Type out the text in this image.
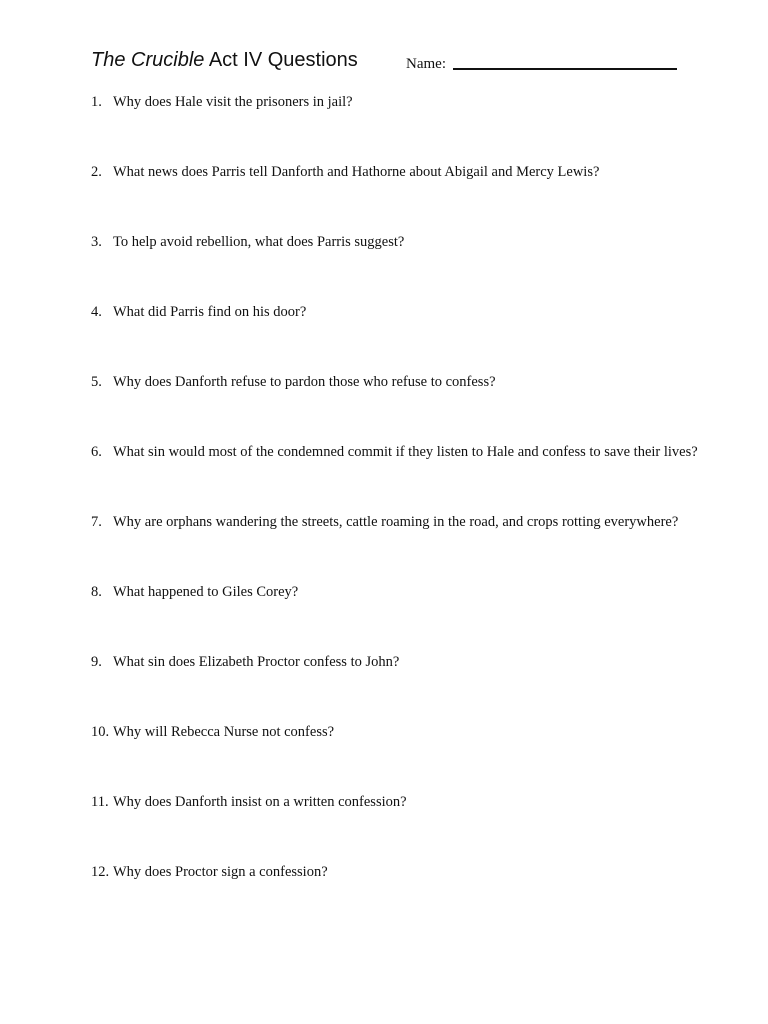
The Crucible Act IV Questions	Name:
1. Why does Hale visit the prisoners in jail?
2. What news does Parris tell Danforth and Hathorne about Abigail and Mercy Lewis?
3. To help avoid rebellion, what does Parris suggest?
4. What did Parris find on his door?
5. Why does Danforth refuse to pardon those who refuse to confess?
6. What sin would most of the condemned commit if they listen to Hale and confess to save their lives?
7. Why are orphans wandering the streets, cattle roaming in the road, and crops rotting everywhere?
8. What happened to Giles Corey?
9. What sin does Elizabeth Proctor confess to John?
10. Why will Rebecca Nurse not confess?
11. Why does Danforth insist on a written confession?
12. Why does Proctor sign a confession?
